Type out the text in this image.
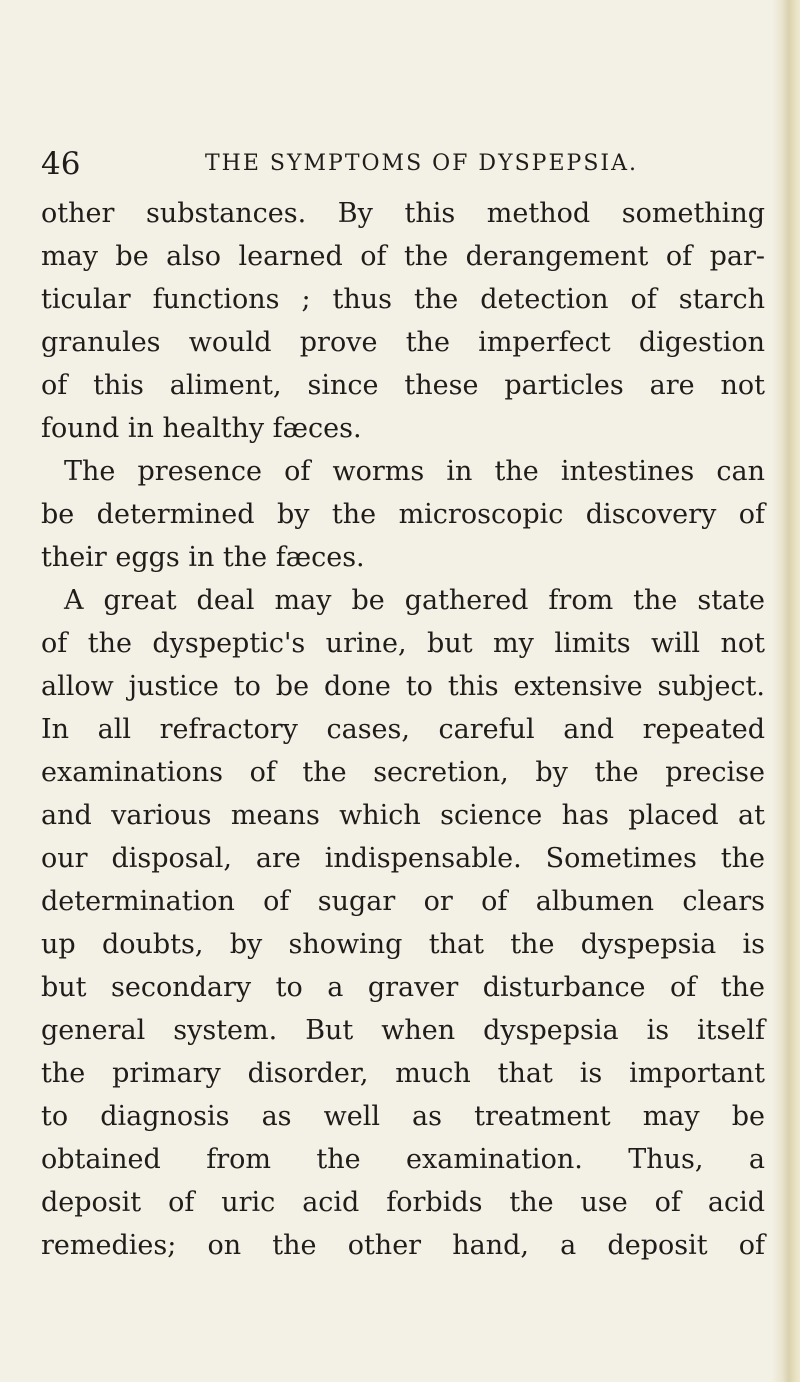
46	THE SYMPTOMS OF DYSPEPSIA.
other substances. By this method something
may be also learned of the derangement of par-
ticular functions ; thus the detection of starch
granules would prove the imperfect digestion
of this aliment, since these particles are not
found in healthy fæces.
The presence of worms in the intestines can
be determined by the microscopic discovery of
their eggs in the fæces.
A great deal may be gathered from the state
of the dyspeptic's urine, but my limits will not
allow justice to be done to this extensive subject.
In all refractory cases, careful and repeated
examinations of the secretion, by the precise
and various means which science has placed at
our disposal, are indispensable. Sometimes the
determination of sugar or of albumen clears
up doubts, by showing that the dyspepsia is
but secondary to a graver disturbance of the
general system. But when dyspepsia is itself
the primary disorder, much that is important
to diagnosis as well as treatment may be
obtained from the examination. Thus, a
deposit of uric acid forbids the use of acid
remedies; on the other hand, a deposit of
